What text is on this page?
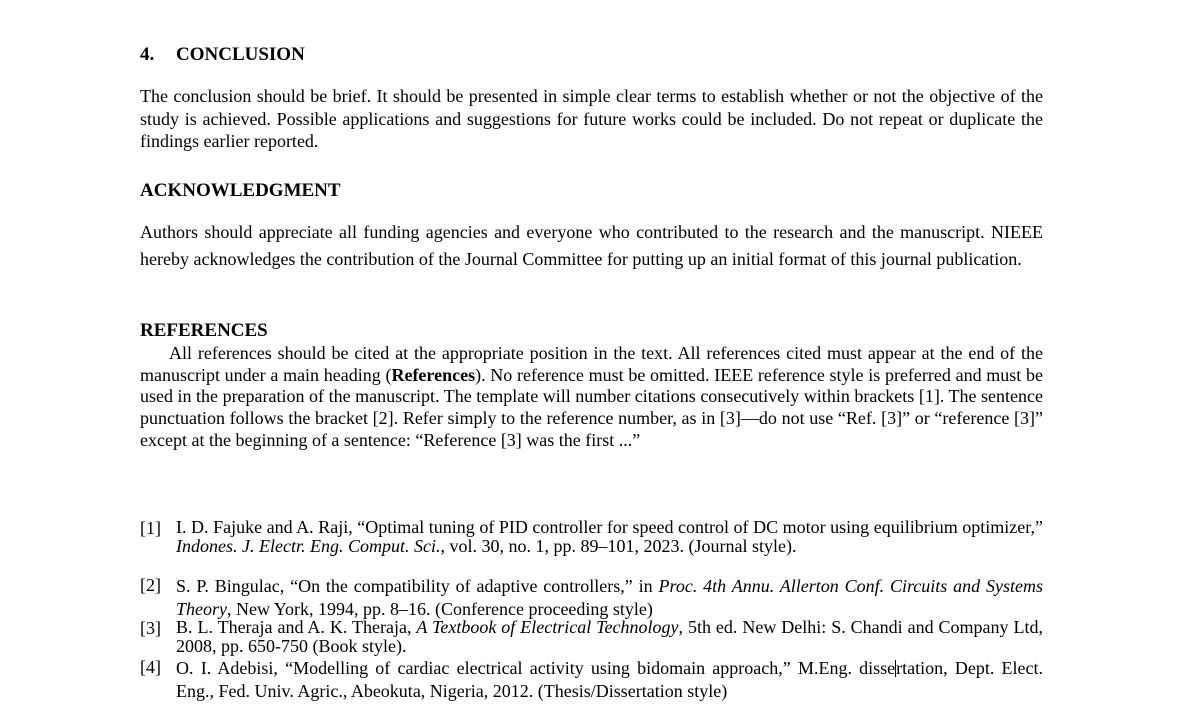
4. CONCLUSION

The conclusion should be brief. It should be presented in simple clear terms to establish whether or not the objective of the study is achieved. Possible applications and suggestions for future works could be included. Do not repeat or duplicate the findings earlier reported.

ACKNOWLEDGMENT

Authors should appreciate all funding agencies and everyone who contributed to the research and the manuscript. NIEEE hereby acknowledges the contribution of the Journal Committee for putting up an initial format of this journal publication.

REFERENCES

All references should be cited at the appropriate position in the text. All references cited must appear at the end of the manuscript under a main heading (References). No reference must be omitted. IEEE reference style is preferred and must be used in the preparation of the manuscript. The template will number citations consecutively within brackets [1]. The sentence punctuation follows the bracket [2]. Refer simply to the reference number, as in [3]—do not use “Ref. [3]” or “reference [3]” except at the beginning of a sentence: “Reference [3] was the first ...”

[1] I. D. Fajuke and A. Raji, “Optimal tuning of PID controller for speed control of DC motor using equilibrium optimizer,” Indones. J. Electr. Eng. Comput. Sci., vol. 30, no. 1, pp. 89–101, 2023. (Journal style).
[2] S. P. Bingulac, “On the compatibility of adaptive controllers,” in Proc. 4th Annu. Allerton Conf. Circuits and Systems Theory, New York, 1994, pp. 8–16. (Conference proceeding style)
[3] B. L. Theraja and A. K. Theraja, A Textbook of Electrical Technology, 5th ed. New Delhi: S. Chandi and Company Ltd, 2008, pp. 650-750 (Book style).
[4] O. I. Adebisi, “Modelling of cardiac electrical activity using bidomain approach,” M.Eng. dissertation, Dept. Elect. Eng., Fed. Univ. Agric., Abeokuta, Nigeria, 2012. (Thesis/Dissertation style)
